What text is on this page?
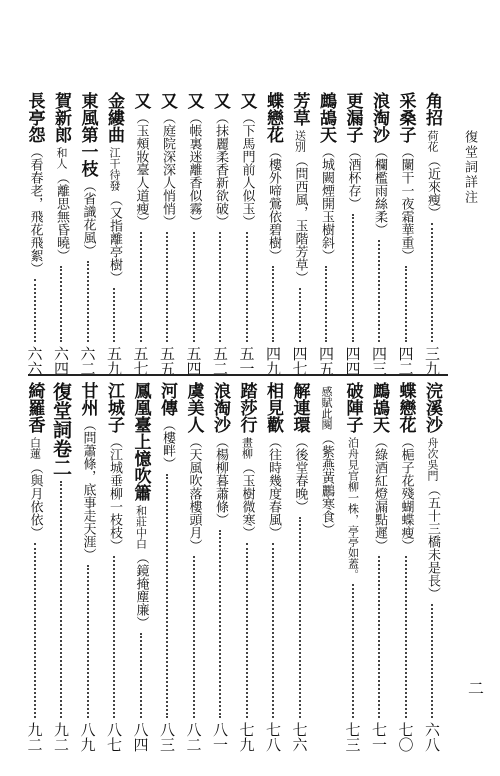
復堂詞詳注
二
角招
荷花
（近來瘦）
三九
采桑子
（闌干一夜霜華重）
四二
浪淘沙
（欄檻雨絲柔）
四三
更漏子
（酒杯存）
四四
鷓鴣天
（城闕煙開玉樹斜）
四五
芳草
送別
（問西風，玉階芳草）
四七
蝶戀花
（樓外啼鶯依碧樹）
四九
又
（下馬門前人似玉）
五一
又
（抹麗柔香新欲破）
五二
又
（帳裏迷離香似霧）
五四
又
（庭院深深人悄悄）
五五
又
（玉頰妝臺人道瘦）
五七
金縷曲
江干待發
（又指離亭樹）
五九
東風第一枝
（省識花風）
六二
賀新郎
和人
（離思無昏曉）
六四
長亭怨
（看春老，飛花飛絮）
六六
浣溪沙
舟次吳門
（五十三橋未是長）
六八
蝶戀花
（梔子花殘蝴蝶瘦）
七〇
鷓鴣天
（綠酒紅燈漏點遲）
七一
破陣子
泊舟見官柳一株，亭亭如蓋。
七三
感賦此闋
（紫燕黃鸝寒食）
解連環
（後堂春晚）
七六
相見歡
（往時幾度春風）
七八
踏莎行
畫柳
（玉樹微寒）
七九
浪淘沙
（楊柳暮蕭條）
八一
虞美人
（天風吹落樓頭月）
八二
河傳
（樓畔）
八三
鳳凰臺上憶吹簫
和莊中白
（鏡掩塵廉）
八四
江城子
（江城垂柳一枝枝）
八七
甘州
（問蕭條，底事走天涯）
八九
復堂詞卷二
九二
綺羅香
白蓮
（與月依依）
九二
